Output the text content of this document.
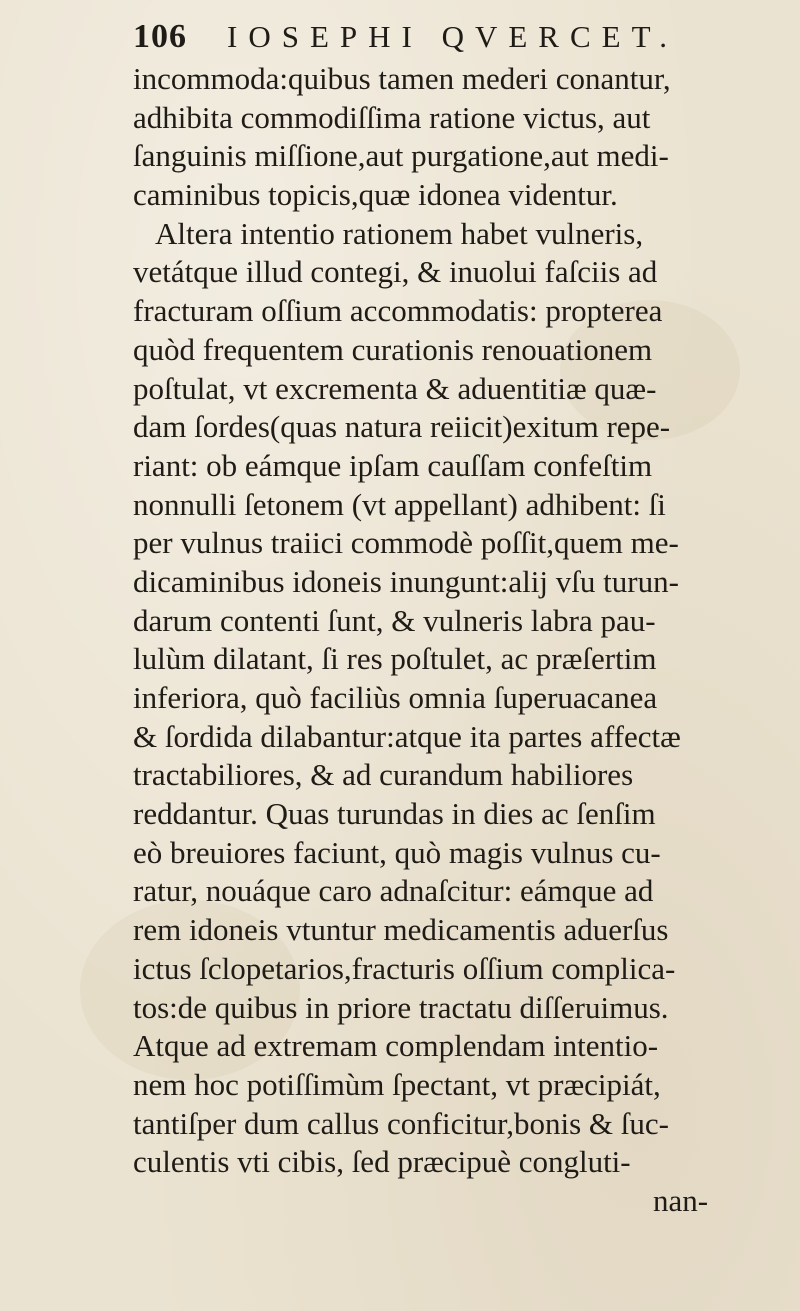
106 IOSEPHI QVERCET.
incommoda:quibus tamen mederi conantur,
adhibita commodiſſima ratione victus, aut
ſanguinis miſſione,aut purgatione,aut medi-
caminibus topicis,quæ idonea videntur.
Altera intentio rationem habet vulneris,
vetátque illud contegi, & inuolui faſciis ad
fracturam oſſium accommodatis: propterea
quòd frequentem curationis renouationem
poſtulat, vt excrementa & aduentitiæ quæ-
dam ſordes(quas natura reiicit)exitum repe-
riant: ob eámque ipſam cauſſam confeſtim
nonnulli ſetonem (vt appellant) adhibent: ſi
per vulnus traiici commodè poſſit,quem me-
dicaminibus idoneis inungunt:alij vſu turun-
darum contenti ſunt, & vulneris labra pau-
lulùm dilatant, ſi res poſtulet, ac præſertim
inferiora, quò faciliùs omnia ſuperuacanea
& ſordida dilabantur:atque ita partes affectæ
tractabiliores, & ad curandum habiliores
reddantur. Quas turundas in dies ac ſenſim
eò breuiores faciunt, quò magis vulnus cu-
ratur, nouáque caro adnaſcitur: eámque ad
rem idoneis vtuntur medicamentis aduerſus
ictus ſclopetarios,fracturis oſſium complica-
tos:de quibus in priore tractatu diſſeruimus.
Atque ad extremam complendam intentio-
nem hoc potiſſimùm ſpectant, vt præcipiát,
tantiſper dum callus conficitur,bonis & ſuc-
culentis vti cibis, ſed præcipuè congluti-
nan-
